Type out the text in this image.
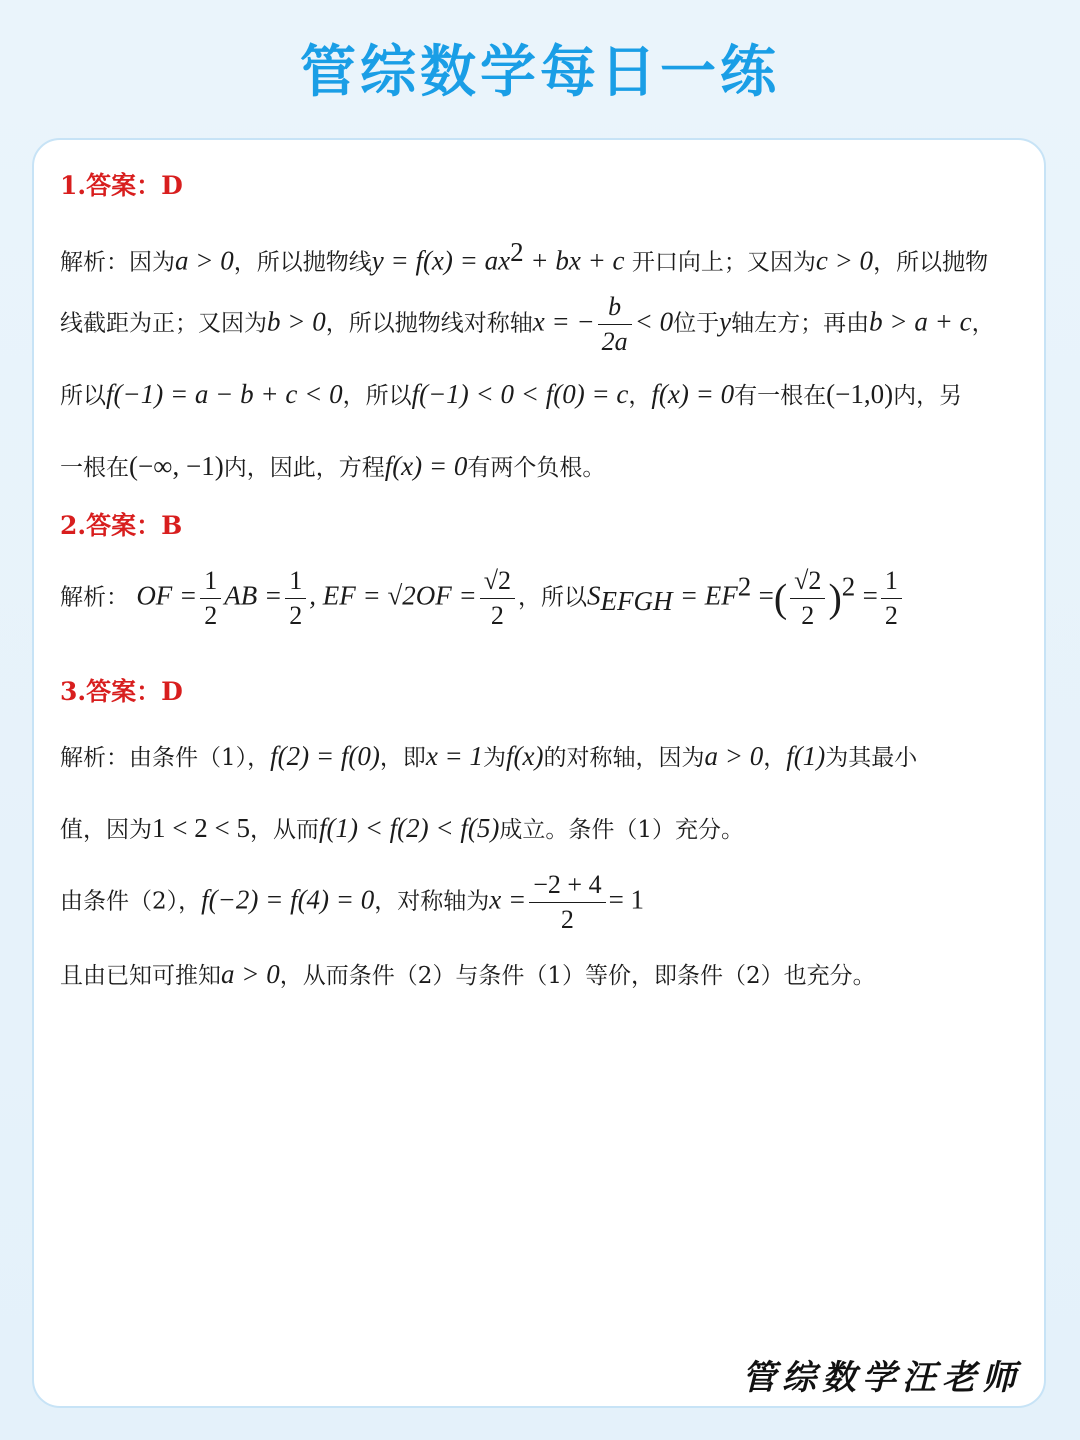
管综数学每日一练
1.答案：D
解析：因为a > 0，所以抛物线$y = f(x) = ax^2$ + bx + c 开口向上；又因为c > 0，所以抛物
线截距为正；又因为b > 0，所以抛物线对称轴x = − $\frac{b}{2a} < 0$位于y轴左方；再由b > a + c，
所以f(−1) = a − b + c < 0，所以f(−1) < 0 < f(0) = c，f(x) = 0有一根在(−1,0)内，另
一根在(−∞, −1)内，因此，方程f(x) = 0有两个负根。
2.答案：B
解析： OF = $\frac{1}{2}$ AB = $\frac{1}{2}$ , EF = $√2OF = \frac{√2}{2}$ ，所以$S_{EFGH} = EF^2$ =( $\frac{√2}{2} )^2 = \frac{1}{2}$
3.答案：D
解析：由条件（1），f(2) = f(0)，即x = 1为f(x)的对称轴，因为a > 0，f(1)为其最小
值，因为1 < 2 < 5，从而f(1) < f(2) < f(5)成立。条件（1）充分。
由条件（2），f(−2) = f(4) = 0，对称轴为$x = \frac{-2 + 4}{2} = 1$
且由已知可推知a > 0，从而条件（2）与条件（1）等价，即条件（2）也充分。
管综数学汪老师
